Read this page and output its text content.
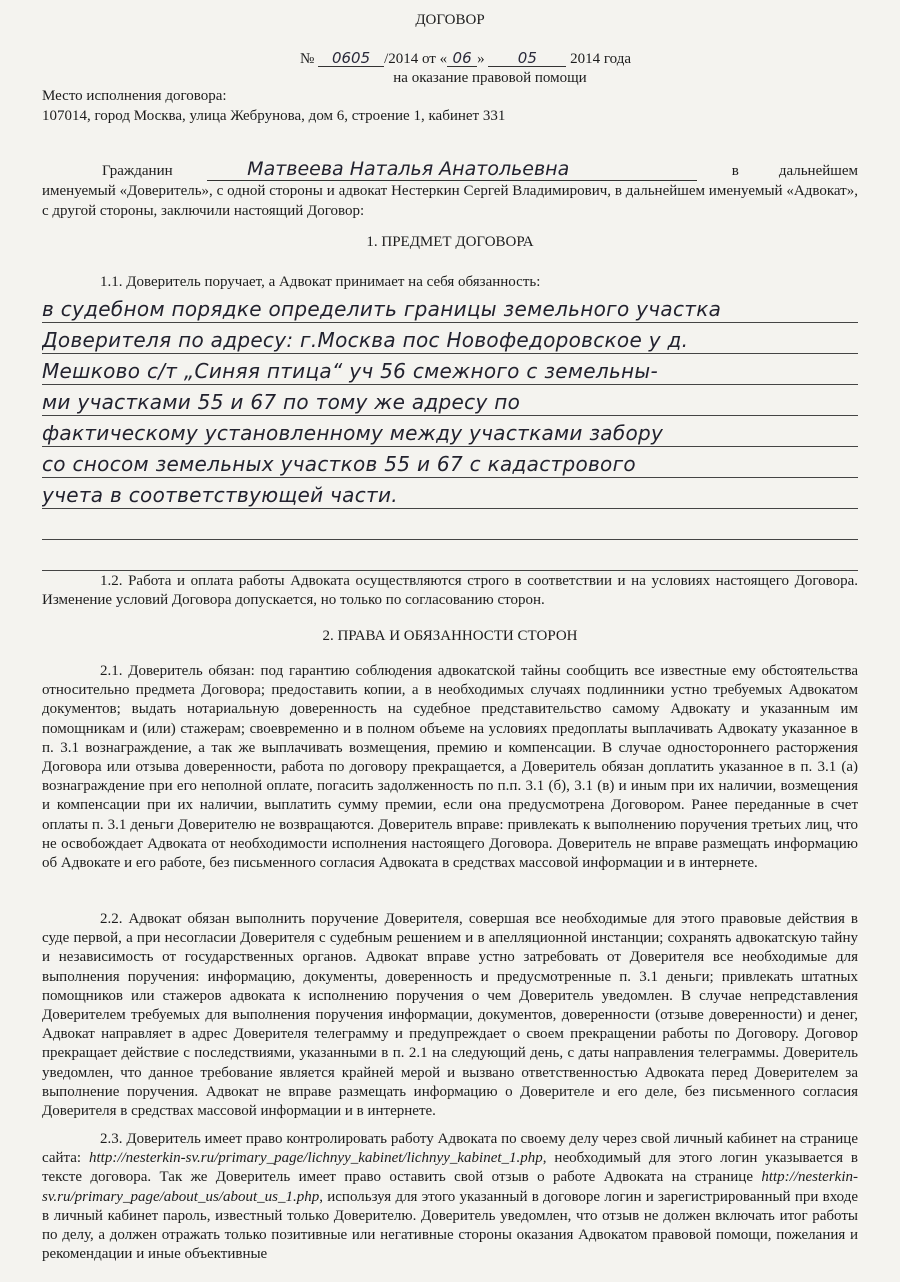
ДОГОВОР
№ 0605 /2014 от « 06 » 05 2014 года
на оказание правовой помощи
Место исполнения договора:
107014, город Москва, улица Жебрунова, дом 6, строение 1, кабинет 331
Гражданин	Матвеева Наталья Анатольевна	в	дальнейшем
именуемый «Доверитель», с одной стороны и адвокат Нестеркин Сергей Владимирович, в дальнейшем именуемый «Адвокат», с другой стороны, заключили настоящий Договор:
1. ПРЕДМЕТ ДОГОВОРА
1.1. Доверитель поручает, а Адвокат принимает на себя обязанность:
в судебном порядке определить границы земельного участка
Доверителя по адресу: г.Москва пос Новофедоровское у д.
Мешково с/т „Синяя птица“ уч 56 смежного с земельны-
ми участками 55 и 67 по тому же адресу по
фактическому установленному между участками забору
со сносом земельных участков 55 и 67 с кадастрового
учета в соответствующей части.
1.2. Работа и оплата работы Адвоката осуществляются строго в соответствии и на условиях настоящего Договора. Изменение условий Договора допускается, но только по согласованию сторон.
2. ПРАВА И ОБЯЗАННОСТИ СТОРОН
2.1. Доверитель обязан: под гарантию соблюдения адвокатской тайны сообщить все известные ему обстоятельства относительно предмета Договора; предоставить копии, а в необходимых случаях подлинники устно требуемых Адвокатом документов; выдать нотариальную доверенность на судебное представительство самому Адвокату и указанным им помощникам и (или) стажерам; своевременно и в полном объеме на условиях предоплаты выплачивать Адвокату указанное в п. 3.1 вознаграждение, а так же выплачивать возмещения, премию и компенсации. В случае одностороннего расторжения Договора или отзыва доверенности, работа по договору прекращается, а Доверитель обязан доплатить указанное в п. 3.1 (а) вознаграждение при его неполной оплате, погасить задолженность по п.п. 3.1 (б), 3.1 (в) и иным при их наличии, возмещения и компенсации при их наличии, выплатить сумму премии, если она предусмотрена Договором. Ранее переданные в счет оплаты п. 3.1 деньги Доверителю не возвращаются. Доверитель вправе: привлекать к выполнению поручения третьих лиц, что не освобождает Адвоката от необходимости исполнения настоящего Договора. Доверитель не вправе размещать информацию об Адвокате и его работе, без письменного согласия Адвоката в средствах массовой информации и в интернете.
2.2. Адвокат обязан выполнить поручение Доверителя, совершая все необходимые для этого правовые действия в суде первой, а при несогласии Доверителя с судебным решением и в апелляционной инстанции; сохранять адвокатскую тайну и независимость от государственных органов. Адвокат вправе устно затребовать от Доверителя все необходимые для выполнения поручения: информацию, документы, доверенность и предусмотренные п. 3.1 деньги; привлекать штатных помощников или стажеров адвоката к исполнению поручения о чем Доверитель уведомлен. В случае непредставления Доверителем требуемых для выполнения поручения информации, документов, доверенности (отзыве доверенности) и денег, Адвокат направляет в адрес Доверителя телеграмму и предупреждает о своем прекращении работы по Договору. Договор прекращает действие с последствиями, указанными в п. 2.1 на следующий день, с даты направления телеграммы. Доверитель уведомлен, что данное требование является крайней мерой и вызвано ответственностью Адвоката перед Доверителем за выполнение поручения. Адвокат не вправе размещать информацию о Доверителе и его деле, без письменного согласия Доверителя в средствах массовой информации и в интернете.
2.3. Доверитель имеет право контролировать работу Адвоката по своему делу через свой личный кабинет на странице сайта: http://nesterkin-sv.ru/primary_page/lichnyy_kabinet/lichnyy_kabinet_1.php, необходимый для этого логин указывается в тексте договора. Так же Доверитель имеет право оставить свой отзыв о работе Адвоката на странице http://nesterkin-sv.ru/primary_page/about_us/about_us_1.php, используя для этого указанный в договоре логин и зарегистрированный при входе в личный кабинет пароль, известный только Доверителю. Доверитель уведомлен, что отзыв не должен включать итог работы по делу, а должен отражать только позитивные или негативные стороны оказания Адвокатом правовой помощи, пожелания и рекомендации и иные объективные
